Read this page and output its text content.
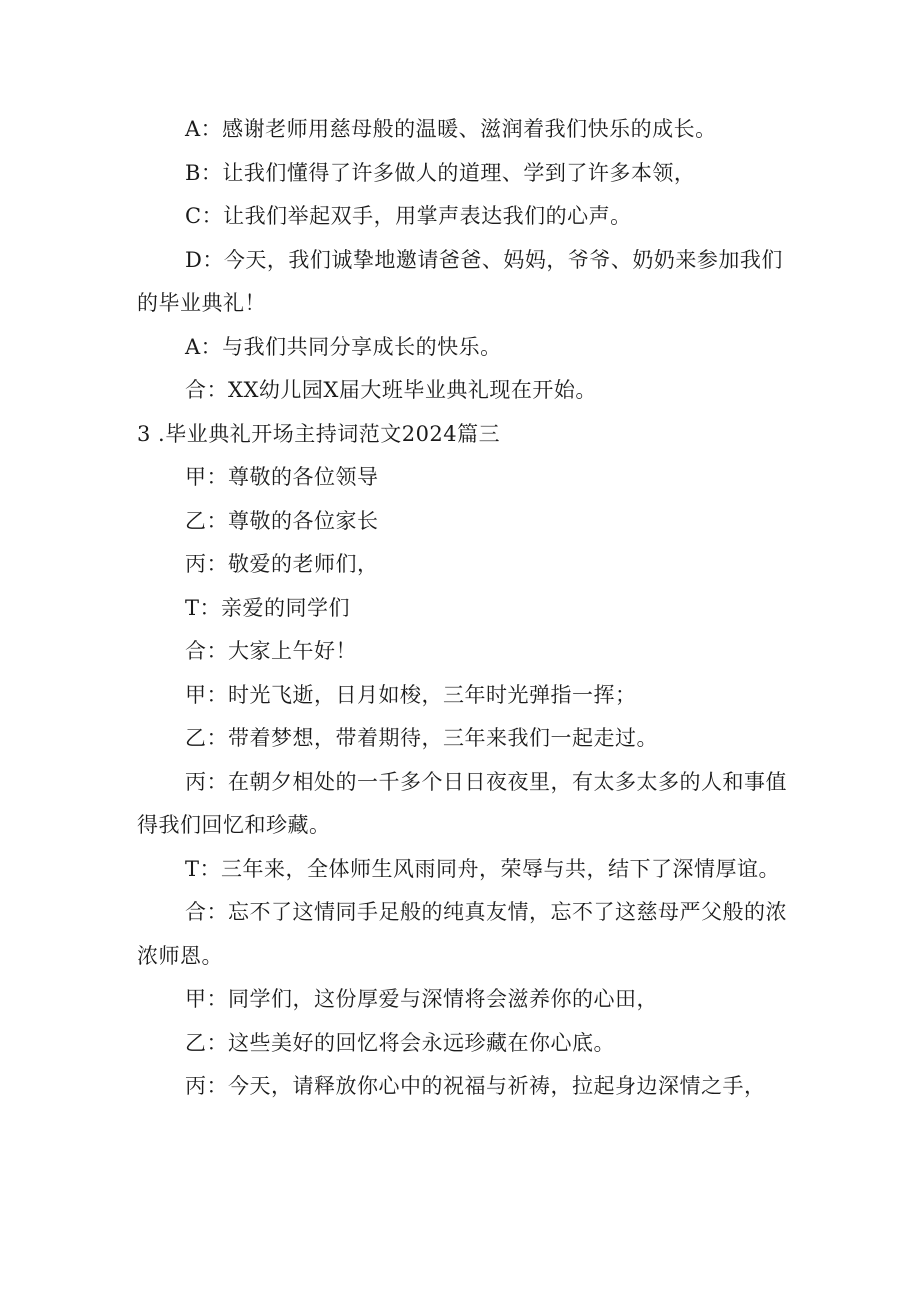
A：感谢老师用慈母般的温暖、滋润着我们快乐的成长。

B：让我们懂得了许多做人的道理、学到了许多本领，

C：让我们举起双手，用掌声表达我们的心声。

D：今天，我们诚挚地邀请爸爸、妈妈，爷爷、奶奶来参加我们的毕业典礼！

A：与我们共同分享成长的快乐。

合：XX幼儿园X届大班毕业典礼现在开始。

3 .毕业典礼开场主持词范文2024篇三

甲：尊敬的各位领导

乙：尊敬的各位家长

丙：敬爱的老师们，

T：亲爱的同学们

合：大家上午好！

甲：时光飞逝，日月如梭，三年时光弹指一挥；

乙：带着梦想，带着期待，三年来我们一起走过。

丙：在朝夕相处的一千多个日日夜夜里，有太多太多的人和事值得我们回忆和珍藏。

T：三年来，全体师生风雨同舟，荣辱与共，结下了深情厚谊。

合：忘不了这情同手足般的纯真友情，忘不了这慈母严父般的浓浓师恩。

甲：同学们，这份厚爱与深情将会滋养你的心田，

乙：这些美好的回忆将会永远珍藏在你心底。

丙：今天，请释放你心中的祝福与祈祷，拉起身边深情之手，
